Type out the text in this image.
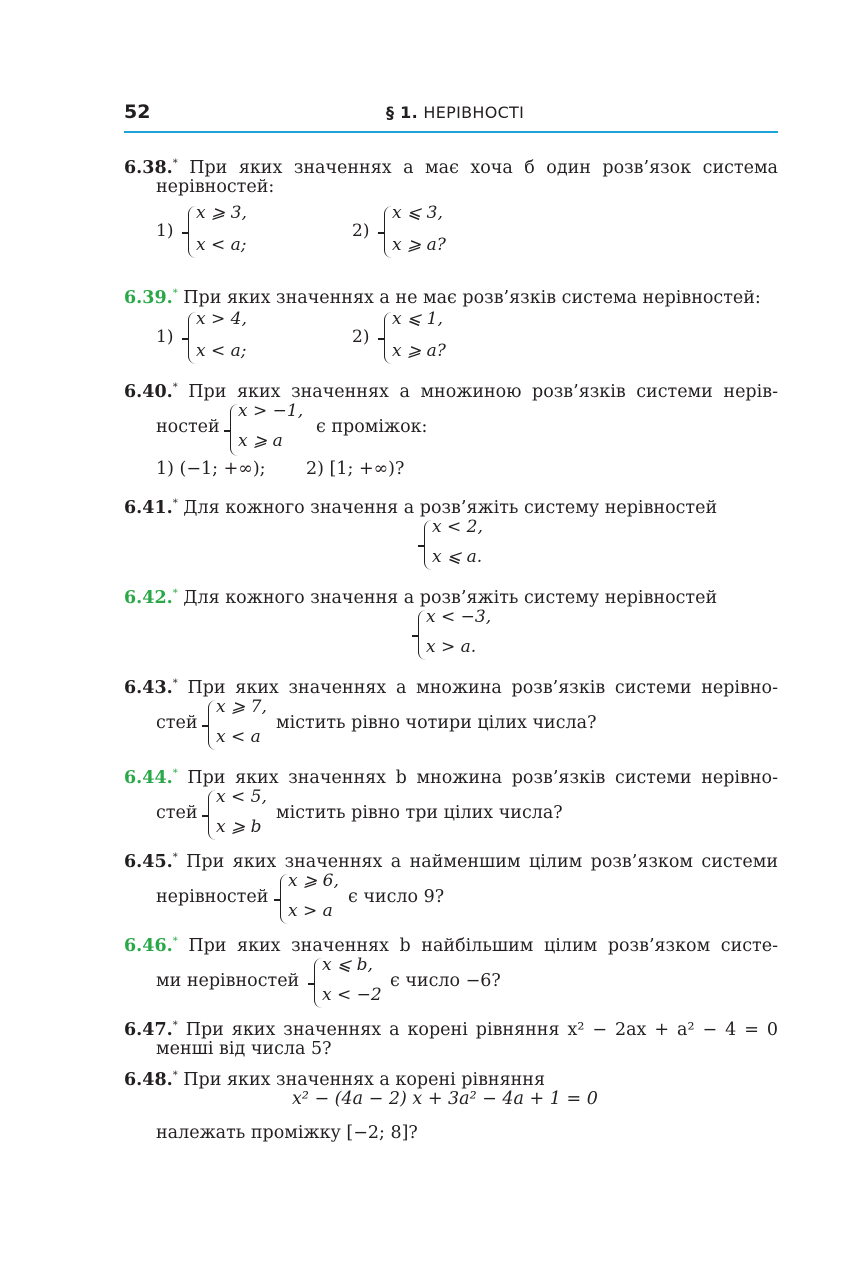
52	§ 1. НЕРІВНОСТІ
6.38.* При яких значеннях a має хоча б один розв’язок система
нерівностей:
1)
x ⩾ 3,
x < a;
2)
x ⩽ 3,
x ⩾ a?
6.39.* При яких значеннях a не має розв’язків система нерівностей:
1)
x > 4,
x < a;
2)
x ⩽ 1,
x ⩾ a?
6.40.* При яких значеннях a множиною розв’язків системи нерів-
ностей
x > −1,
x ⩾ a
є проміжок:
1) (−1; +∞); 2) [1; +∞)?
6.41.* Для кожного значення a розв’яжіть систему нерівностей
x < 2,
x ⩽ a.
6.42.* Для кожного значення a розв’яжіть систему нерівностей
x < −3,
x > a.
6.43.* При яких значеннях a множина розв’язків системи нерівно-
стей
x ⩾ 7,
x < a
містить рівно чотири цілих числа?
6.44.* При яких значеннях b множина розв’язків системи нерівно-
стей
x < 5,
x ⩾ b
містить рівно три цілих числа?
6.45.* При яких значеннях a найменшим цілим розв’язком системи
нерівностей
x ⩾ 6,
x > a
є число 9?
6.46.* При яких значеннях b найбільшим цілим розв’язком систе-
ми нерівностей
x ⩽ b,
x < −2
є число −6?
6.47.* При яких значеннях a корені рівняння x² − 2ax + a² − 4 = 0
менші від числа 5?
6.48.* При яких значеннях a корені рівняння
x² − (4a − 2) x + 3a² − 4a + 1 = 0
належать проміжку [−2; 8]?
